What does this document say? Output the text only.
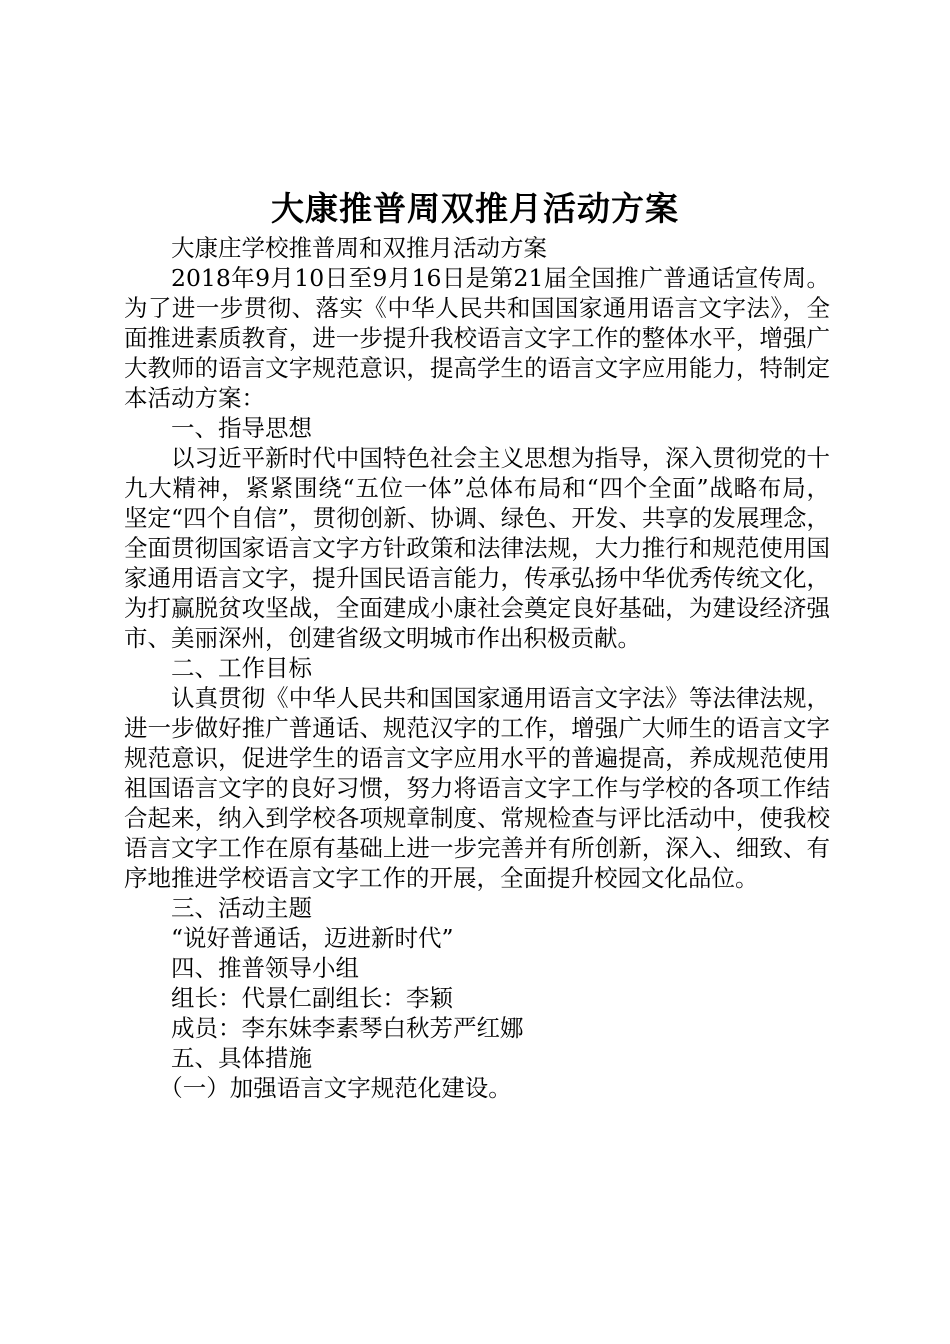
大康推普周双推月活动方案

大康庄学校推普周和双推月活动方案

2018年9月10日至9月16日是第21届全国推广普通话宣传周。为了进一步贯彻、落实《中华人民共和国国家通用语言文字法》，全面推进素质教育，进一步提升我校语言文字工作的整体水平，增强广大教师的语言文字规范意识，提高学生的语言文字应用能力，特制定本活动方案：

一、指导思想

以习近平新时代中国特色社会主义思想为指导，深入贯彻党的十九大精神，紧紧围绕“五位一体”总体布局和“四个全面”战略布局，坚定“四个自信”，贯彻创新、协调、绿色、开发、共享的发展理念，全面贯彻国家语言文字方针政策和法律法规，大力推行和规范使用国家通用语言文字，提升国民语言能力，传承弘扬中华优秀传统文化，为打赢脱贫攻坚战，全面建成小康社会奠定良好基础，为建设经济强市、美丽深州，创建省级文明城市作出积极贡献。

二、工作目标

认真贯彻《中华人民共和国国家通用语言文字法》等法律法规，进一步做好推广普通话、规范汉字的工作，增强广大师生的语言文字规范意识，促进学生的语言文字应用水平的普遍提高，养成规范使用祖国语言文字的良好习惯，努力将语言文字工作与学校的各项工作结合起来，纳入到学校各项规章制度、常规检查与评比活动中，使我校语言文字工作在原有基础上进一步完善并有所创新，深入、细致、有序地推进学校语言文字工作的开展，全面提升校园文化品位。

三、活动主题

“说好普通话，迈进新时代”

四、推普领导小组

组长：代景仁副组长：李颖

成员：李东妹李素琴白秋芳严红娜

五、具体措施

（一）加强语言文字规范化建设。
